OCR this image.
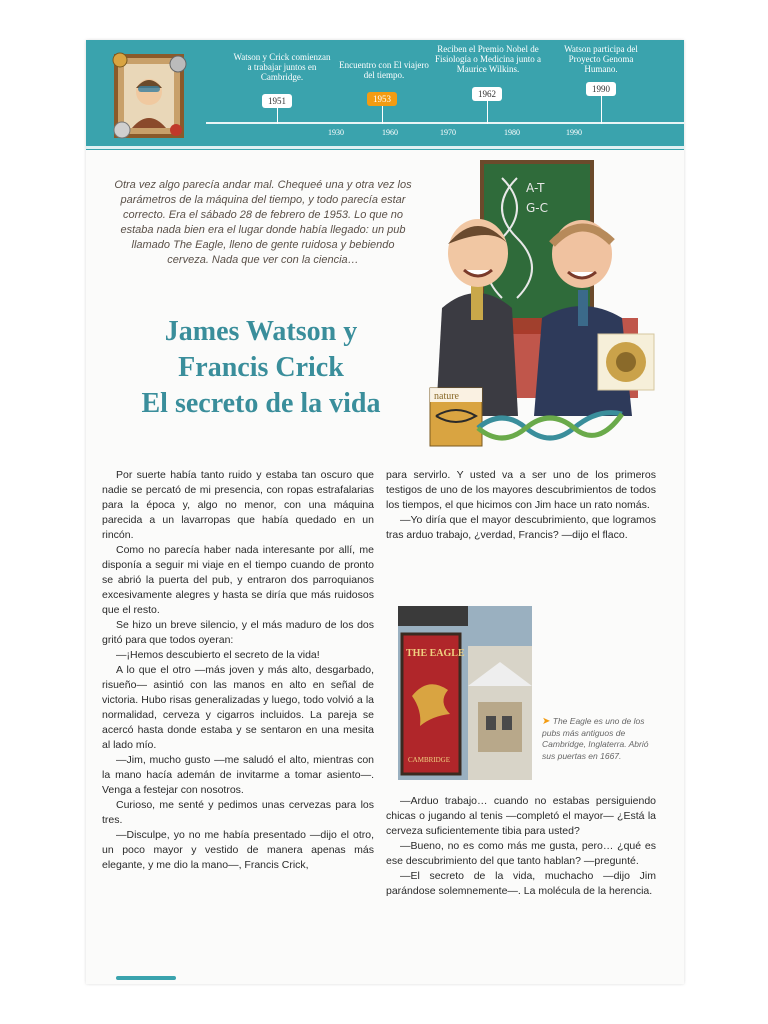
Watson y Crick comienzan a trabajar juntos en Cambridge.
1951
Encuentro con El viajero del tiempo.
1953
Reciben el Premio Nobel de Fisiología o Medicina junto a Maurice Wilkins.
1962
Watson participa del Proyecto Genoma Humano.
1990
1930	1960	1970	1980	1990
Otra vez algo parecía andar mal. Chequeé una y otra vez los parámetros de la máquina del tiempo, y todo parecía estar correcto. Era el sábado 28 de febrero de 1953. Lo que no estaba nada bien era el lugar donde había llegado: un pub llamado The Eagle, lleno de gente ruidosa y bebiendo cerveza. Nada que ver con la ciencia…
James Watson y
Francis Crick
El secreto de la vida
A-T
G-C
nature

Por suerte había tanto ruido y estaba tan oscuro que nadie se percató de mi presencia, con ropas estrafalarias para la época y, algo no menor, con una máquina parecida a un lavarropas que había quedado en un rincón.

Como no parecía haber nada interesante por allí, me disponía a seguir mi viaje en el tiempo cuando de pronto se abrió la puerta del pub, y entraron dos parroquianos excesivamente alegres y hasta se diría que más ruidosos que el resto.

Se hizo un breve silencio, y el más maduro de los dos gritó para que todos oyeran:

—¡Hemos descubierto el secreto de la vida!

A lo que el otro —más joven y más alto, desgarbado, risueño— asintió con las manos en alto en señal de victoria. Hubo risas generalizadas y luego, todo volvió a la normalidad, cerveza y cigarros incluidos. La pareja se acercó hasta donde estaba y se sentaron en una mesita al lado mío.

—Jim, mucho gusto —me saludó el alto, mientras con la mano hacía ademán de invitarme a tomar asiento—. Venga a festejar con nosotros.

Curioso, me senté y pedimos unas cervezas para los tres.

—Disculpe, yo no me había presentado —dijo el otro, un poco mayor y vestido de manera apenas más elegante, y me dio la mano—, Francis Crick,

para servirlo. Y usted va a ser uno de los primeros testigos de uno de los mayores descubrimientos de todos los tiempos, el que hicimos con Jim hace un rato nomás.

—Yo diría que el mayor descubrimiento, que logramos tras arduo trabajo, ¿verdad, Francis? —dijo el flaco.

THE EAGLE
CAMBRIDGE
➤ The Eagle es uno de los pubs más antiguos de Cambridge, Inglaterra. Abrió sus puertas en 1667.

—Arduo trabajo… cuando no estabas persiguiendo chicas o jugando al tenis —completó el mayor— ¿Está la cerveza suficientemente tibia para usted?

—Bueno, no es como más me gusta, pero… ¿qué es ese descubrimiento del que tanto hablan? —pregunté.

—El secreto de la vida, muchacho —dijo Jim parándose solemnemente—. La molécula de la herencia.
